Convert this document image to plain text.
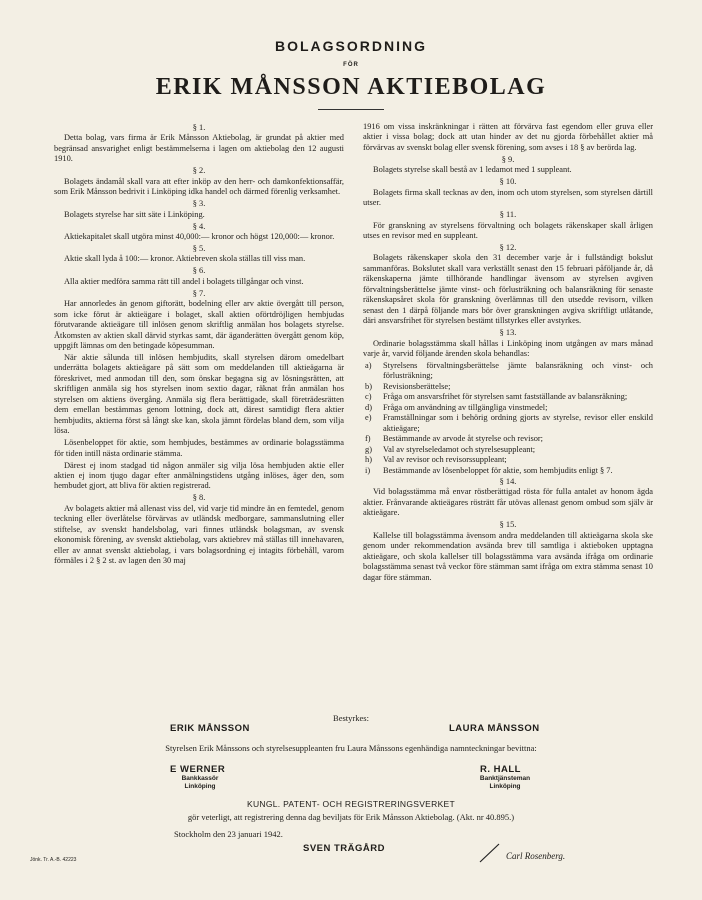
BOLAGSORDNING
FÖR
ERIK MÅNSSON AKTIEBOLAG

§ 1.

Detta bolag, vars firma är Erik Månsson Aktiebolag, är grundat på aktier med begränsad ansvarighet enligt bestämmelserna i lagen om aktiebolag den 12 augusti 1910.

§ 2.

Bolagets ändamål skall vara att efter inköp av den herr- och damkonfektionsaffär, som Erik Månsson bedrivit i Linköping idka handel och därmed förenlig verksamhet.

§ 3.

Bolagets styrelse har sitt säte i Linköping.

§ 4.

Aktiekapitalet skall utgöra minst 40,000:— kronor och högst 120,000:— kronor.

§ 5.

Aktie skall lyda å 100:— kronor. Aktiebreven skola ställas till viss man.

§ 6.

Alla aktier medföra samma rätt till andel i bolagets tillgångar och vinst.

§ 7.

Har annorledes än genom giftorätt, bodelning eller arv aktie övergått till person, som icke förut är aktieägare i bolaget, skall aktien oförtdröjligen hembjudas förutvarande aktieägare till inlösen genom skriftlig anmälan hos bolagets styrelse. Åtkomsten av aktien skall därvid styrkas samt, där äganderätten övergått genom köp, uppgift lämnas om den betingade köpesumman.

När aktie sålunda till inlösen hembjudits, skall styrelsen därom omedelbart underrätta bolagets aktieägare på sätt som om meddelanden till aktieägarna är föreskrivet, med anmodan till den, som önskar begagna sig av lösningsrätten, att skriftligen anmäla sig hos styrelsen inom sextio dagar, räknat från anmälan hos styrelsen om aktiens övergång. Anmäla sig flera berättigade, skall företrädesrätten dem emellan bestämmas genom lottning, dock att, därest samtidigt flera aktier hembjudits, aktierna först så långt ske kan, skola jämnt fördelas bland dem, som vilja lösa.

Lösenbeloppet för aktie, som hembjudes, bestämmes av ordinarie bolagsstämma för tiden intill nästa ordinarie stämma.

Därest ej inom stadgad tid någon anmäler sig vilja lösa hembjuden aktie eller aktien ej inom tjugo dagar efter anmälningstidens utgång inlöses, äger den, som hembudet gjort, att bliva för aktien registrerad.

§ 8.

Av bolagets aktier må allenast viss del, vid varje tid mindre än en femtedel, genom teckning eller överlåtelse förvärvas av utländsk medborgare, sammanslutning eller stiftelse, av svenskt handelsbolag, vari finnes utländsk bolagsman, av svensk ekonomisk förening, av svenskt aktiebolag, vars aktiebrev må ställas till innehavaren, eller av annat svenskt aktiebolag, i vars bolagsordning ej intagits förbehåll, varom förmäles i 2 § 2 st. av lagen den 30 maj

1916 om vissa inskränkningar i rätten att förvärva fast egendom eller gruva eller aktier i vissa bolag; dock att utan hinder av det nu gjorda förbehållet aktier må förvärvas av svenskt bolag eller svensk förening, som avses i 18 § av berörda lag.

§ 9.

Bolagets styrelse skall bestå av 1 ledamot med 1 suppleant.

§ 10.

Bolagets firma skall tecknas av den, inom och utom styrelsen, som styrelsen därtill utser.

§ 11.

För granskning av styrelsens förvaltning och bolagets räkenskaper skall årligen utses en revisor med en suppleant.

§ 12.

Bolagets räkenskaper skola den 31 december varje år i fullständigt bokslut sammanföras. Bokslutet skall vara verkställt senast den 15 februari påföljande år, då räkenskaperna jämte tillhörande handlingar ävensom av styrelsen avgiven förvaltningsberättelse jämte vinst- och förlusträkning och balansräkning för senaste räkenskapsåret skola för granskning överlämnas till den utsedde revisorn, vilken senast den 1 därpå följande mars bör över granskningen avgiva skriftligt utlåtande, däri ansvarsfrihet för styrelsen bestämt tillstyrkes eller avstyrkes.

§ 13.

Ordinarie bolagsstämma skall hållas i Linköping inom utgången av mars månad varje år, varvid följande ärenden skola behandlas:

a) Styrelsens förvaltningsberättelse jämte balansräkning och vinst- och förlusträkning;
b) Revisionsberättelse;
c) Fråga om ansvarsfrihet för styrelsen samt fastställande av balansräkning;
d) Fråga om användning av tillgängliga vinstmedel;
e) Framställningar som i behörig ordning gjorts av styrelse, revisor eller enskild aktieägare;
f) Bestämmande av arvode åt styrelse och revisor;
g) Val av styrelseledamot och styrelsesuppleant;
h) Val av revisor och revisorssuppleant;
i) Bestämmande av lösenbeloppet för aktie, som hembjudits enligt § 7.

§ 14.

Vid bolagsstämma må envar röstberättigad rösta för fulla antalet av honom ägda aktier. Frånvarande aktieägares rösträtt får utövas allenast genom ombud som själv är aktieägare.

§ 15.

Kallelse till bolagsstämma ävensom andra meddelanden till aktieägarna skola ske genom under rekommendation avsända brev till samtliga i aktieboken upptagna aktieägare, och skola kallelser till bolagsstämma vara avsända ifråga om ordinarie bolagsstämma senast två veckor före stämman samt ifråga om extra stämma senast 10 dagar före stämman.

Bestyrkes:
ERIK MÅNSSON	LAURA MÅNSSON
Styrelsen Erik Månssons och styrelsesuppleanten fru Laura Månssons egenhändiga namnteckningar bevittna:
E WERNER
Bankkassör
Linköping
R. HALL
Banktjänsteman
Linköping
KUNGL. PATENT- OCH REGISTRERINGSVERKET
gör veterligt, att registrering denna dag beviljats för Erik Månsson Aktiebolag. (Akt. nr 40.895.)
Stockholm den 23 januari 1942.
SVEN TRÄGÅRD
Carl Rosenberg.
Jönk. Tr. A.-B. 42223
